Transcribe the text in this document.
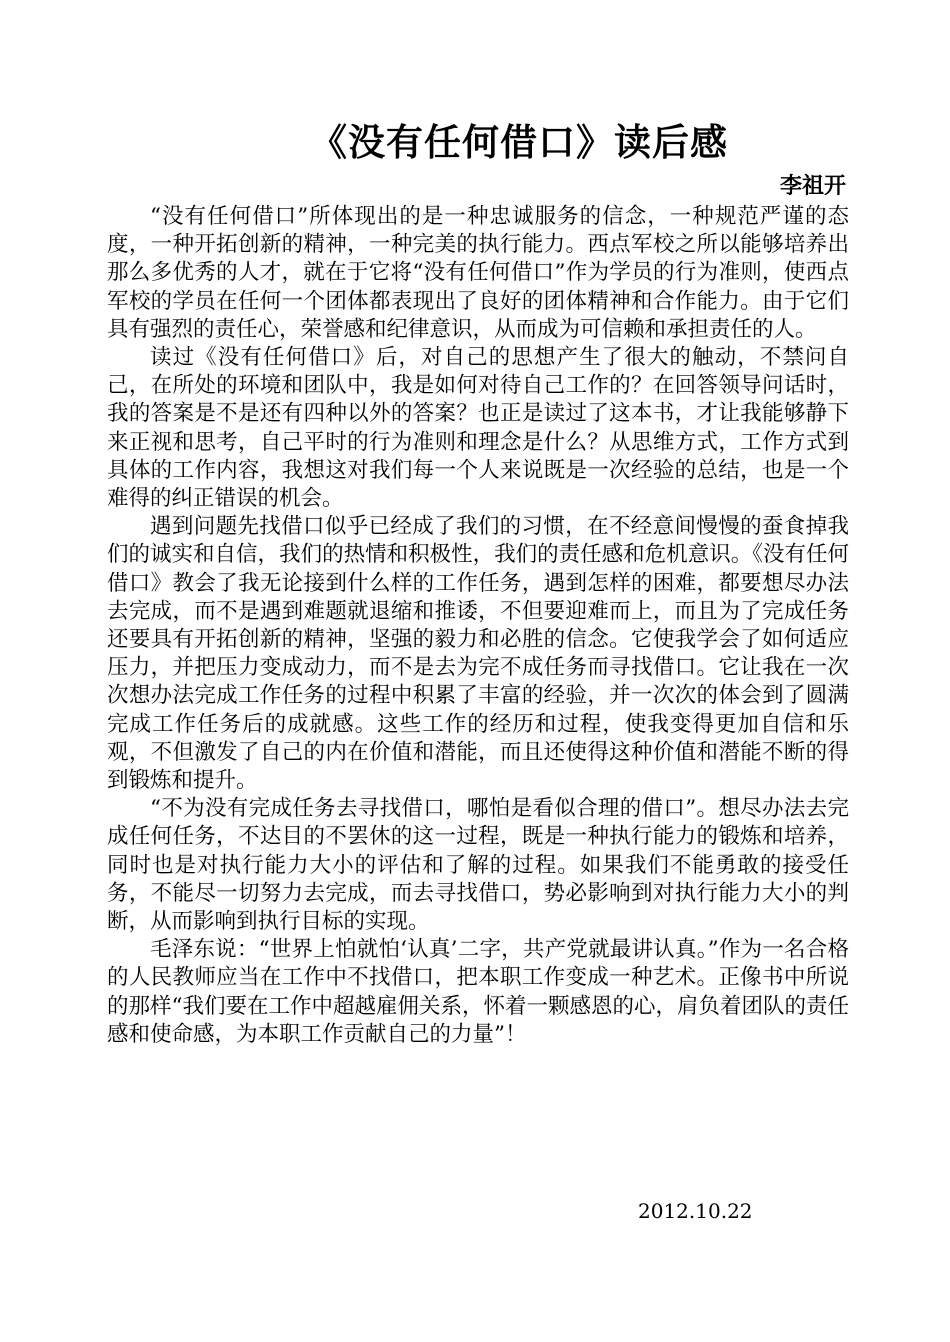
《没有任何借口》读后感
李祖开

“没有任何借口”所体现出的是一种忠诚服务的信念，一种规范严谨的态度，一种开拓创新的精神，一种完美的执行能力。西点军校之所以能够培养出那么多优秀的人才，就在于它将“没有任何借口”作为学员的行为准则，使西点军校的学员在任何一个团体都表现出了良好的团体精神和合作能力。由于它们具有强烈的责任心，荣誉感和纪律意识，从而成为可信赖和承担责任的人。

读过《没有任何借口》后，对自己的思想产生了很大的触动，不禁问自己，在所处的环境和团队中，我是如何对待自己工作的？在回答领导问话时，我的答案是不是还有四种以外的答案？也正是读过了这本书，才让我能够静下来正视和思考，自己平时的行为准则和理念是什么？从思维方式，工作方式到具体的工作内容，我想这对我们每一个人来说既是一次经验的总结，也是一个难得的纠正错误的机会。

遇到问题先找借口似乎已经成了我们的习惯，在不经意间慢慢的蚕食掉我们的诚实和自信，我们的热情和积极性，我们的责任感和危机意识。《没有任何借口》教会了我无论接到什么样的工作任务，遇到怎样的困难，都要想尽办法去完成，而不是遇到难题就退缩和推诿，不但要迎难而上，而且为了完成任务还要具有开拓创新的精神，坚强的毅力和必胜的信念。它使我学会了如何适应压力，并把压力变成动力，而不是去为完不成任务而寻找借口。它让我在一次次想办法完成工作任务的过程中积累了丰富的经验，并一次次的体会到了圆满完成工作任务后的成就感。这些工作的经历和过程，使我变得更加自信和乐观，不但激发了自己的内在价值和潜能，而且还使得这种价值和潜能不断的得到锻炼和提升。

“不为没有完成任务去寻找借口，哪怕是看似合理的借口”。想尽办法去完成任何任务，不达目的不罢休的这一过程，既是一种执行能力的锻炼和培养，同时也是对执行能力大小的评估和了解的过程。如果我们不能勇敢的接受任务，不能尽一切努力去完成，而去寻找借口，势必影响到对执行能力大小的判断，从而影响到执行目标的实现。

毛泽东说：“世界上怕就怕‘认真’二字，共产党就最讲认真。”作为一名合格的人民教师应当在工作中不找借口，把本职工作变成一种艺术。正像书中所说的那样“我们要在工作中超越雇佣关系，怀着一颗感恩的心，肩负着团队的责任感和使命感，为本职工作贡献自己的力量”！

2012.10.22
